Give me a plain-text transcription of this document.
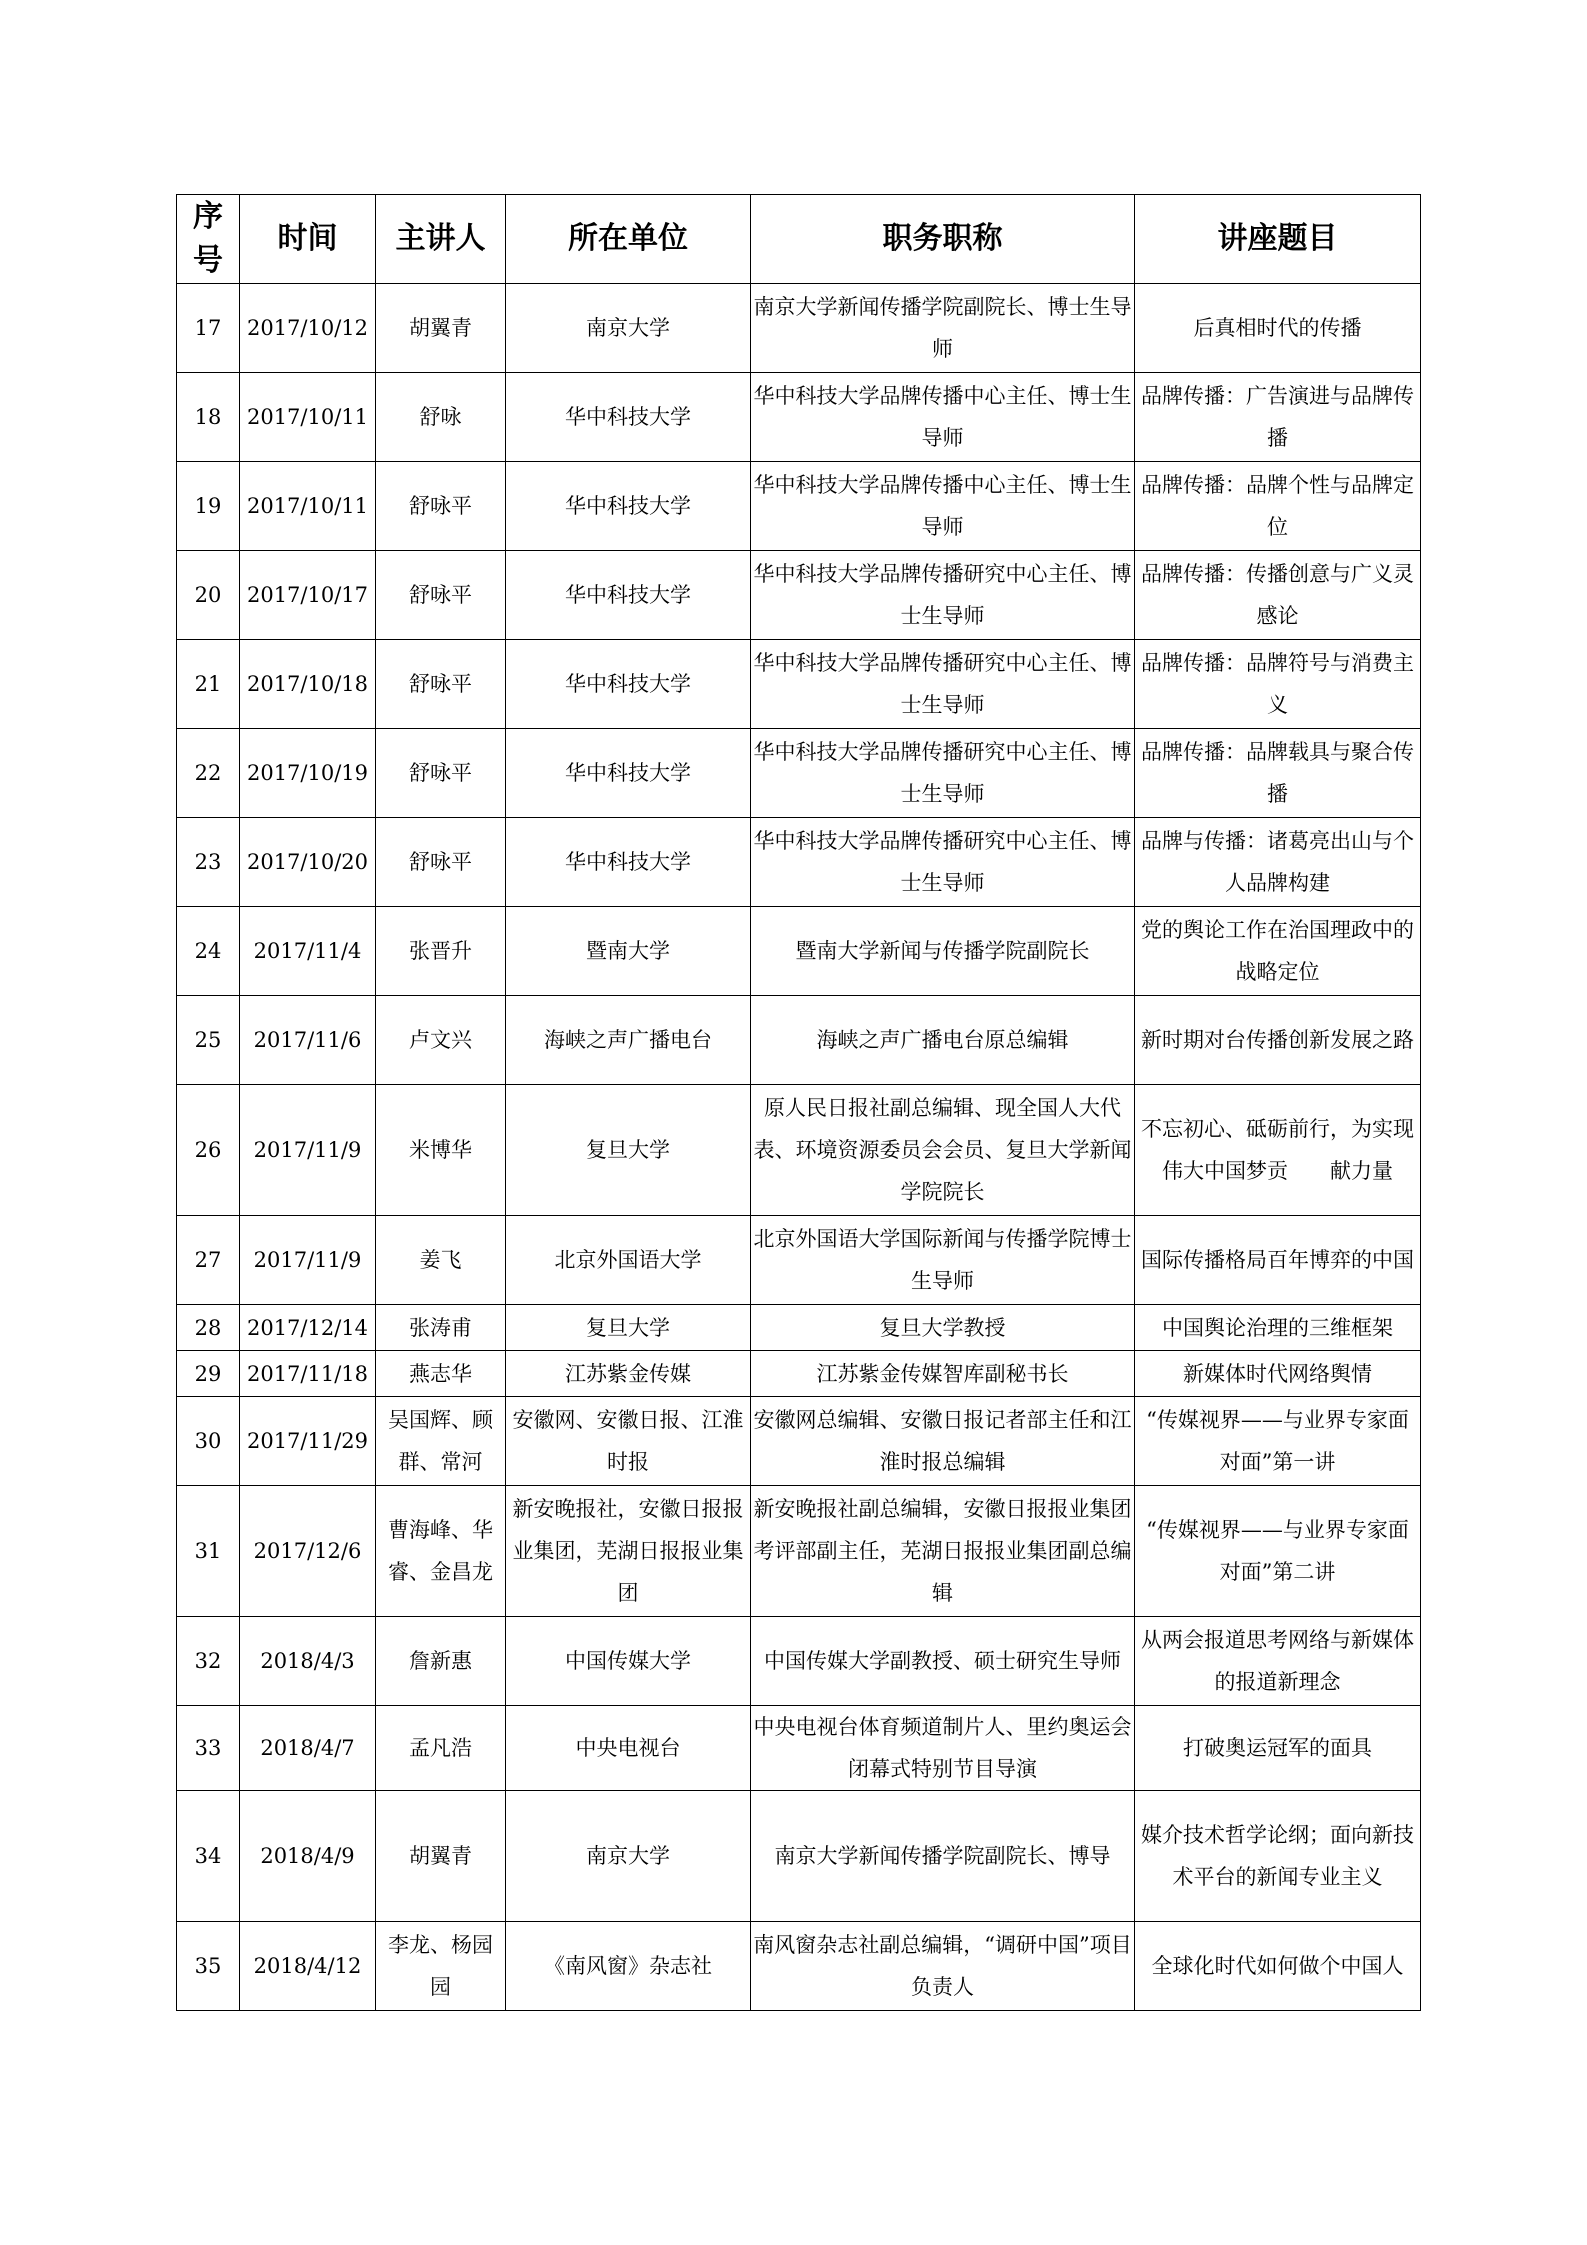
序号	时间	主讲人	所在单位	职务职称	讲座题目
17	2017/10/12	胡翼青	南京大学	南京大学新闻传播学院副院长、博士生导师	后真相时代的传播
18	2017/10/11	舒咏	华中科技大学	华中科技大学品牌传播中心主任、博士生导师	品牌传播：广告演进与品牌传播
19	2017/10/11	舒咏平	华中科技大学	华中科技大学品牌传播中心主任、博士生导师	品牌传播：品牌个性与品牌定位
20	2017/10/17	舒咏平	华中科技大学	华中科技大学品牌传播研究中心主任、博士生导师	品牌传播：传播创意与广义灵感论
21	2017/10/18	舒咏平	华中科技大学	华中科技大学品牌传播研究中心主任、博士生导师	品牌传播：品牌符号与消费主义
22	2017/10/19	舒咏平	华中科技大学	华中科技大学品牌传播研究中心主任、博士生导师	品牌传播：品牌载具与聚合传播
23	2017/10/20	舒咏平	华中科技大学	华中科技大学品牌传播研究中心主任、博士生导师	品牌与传播：诸葛亮出山与个人品牌构建
24	2017/11/4	张晋升	暨南大学	暨南大学新闻与传播学院副院长	党的舆论工作在治国理政中的战略定位
25	2017/11/6	卢文兴	海峡之声广播电台	海峡之声广播电台原总编辑	新时期对台传播创新发展之路
26	2017/11/9	米博华	复旦大学	原人民日报社副总编辑、现全国人大代表、环境资源委员会会员、复旦大学新闻学院院长	不忘初心、砥砺前行，为实现伟大中国梦贡　　献力量
27	2017/11/9	姜飞	北京外国语大学	北京外国语大学国际新闻与传播学院博士生导师	国际传播格局百年博弈的中国
28	2017/12/14	张涛甫	复旦大学	复旦大学教授	中国舆论治理的三维框架
29	2017/11/18	燕志华	江苏紫金传媒	江苏紫金传媒智库副秘书长	新媒体时代网络舆情
30	2017/11/29	吴国辉、顾群、常河	安徽网、安徽日报、江淮时报	安徽网总编辑、安徽日报记者部主任和江淮时报总编辑	“传媒视界——与业界专家面对面”第一讲
31	2017/12/6	曹海峰、华睿、金昌龙	新安晚报社，安徽日报报业集团，芜湖日报报业集团	新安晚报社副总编辑，安徽日报报业集团考评部副主任，芜湖日报报业集团副总编辑	“传媒视界——与业界专家面对面”第二讲
32	2018/4/3	詹新惠	中国传媒大学	中国传媒大学副教授、硕士研究生导师	从两会报道思考网络与新媒体的报道新理念
33	2018/4/7	孟凡浩	中央电视台	中央电视台体育频道制片人、里约奥运会闭幕式特别节目导演	打破奥运冠军的面具
34	2018/4/9	胡翼青	南京大学	南京大学新闻传播学院副院长、博导	媒介技术哲学论纲；面向新技术平台的新闻专业主义
35	2018/4/12	李龙、杨园园	《南风窗》杂志社	南风窗杂志社副总编辑，“调研中国”项目负责人	全球化时代如何做个中国人
